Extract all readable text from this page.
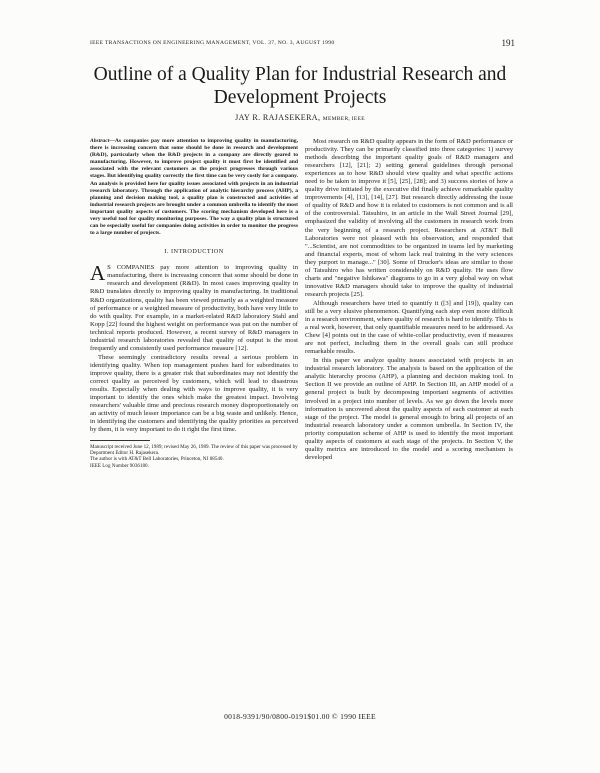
IEEE TRANSACTIONS ON ENGINEERING MANAGEMENT, VOL. 37, NO. 3, AUGUST 1990	191
Outline of a Quality Plan for Industrial Research and Development Projects
JAY R. RAJASEKERA, MEMBER, IEEE

Abstract—As companies pay more attention to improving quality in manufacturing, there is increasing concern that some should be done in research and development (R&D), particularly when the R&D projects in a company are directly geared to manufacturing. However, to improve project quality it must first be identified and associated with the relevant customers as the project progresses through various stages. But identifying quality correctly the first time can be very costly for a company. An analysis is provided here for quality issues associated with projects in an industrial research laboratory. Through the application of analytic hierarchy process (AHP), a planning and decision making tool, a quality plan is constructed and activities of industrial research projects are brought under a common umbrella to identify the most important quality aspects of customers. The scoring mechanism developed here is a very useful tool for quality monitoring purposes. The way a quality plan is structured can be especially useful for companies doing activities in order to monitor the progress to a large number of projects.

I. INTRODUCTION

A S COMPANIES pay more attention to improving quality in manufacturing, there is increasing concern that some should be done in research and development (R&D). In most cases improving quality in R&D translates directly to improving quality in manufacturing. In traditional R&D organizations, quality has been viewed primarily as a weighted measure of performance or a weighted measure of productivity, both have very little to do with quality. For example, in a market-related R&D laboratory Stahl and Kopp [22] found the highest weight on performance was put on the number of technical reports produced. However, a recent survey of R&D managers in industrial research laboratories revealed that quality of output is the most frequently and consistently used performance measure [12].

These seemingly contradictory results reveal a serious problem in identifying quality. When top management pushes hard for subordinates to improve quality, there is a greater risk that subordinates may not identify the correct quality as perceived by customers, which will lead to disastrous results. Especially when dealing with ways to improve quality, it is very important to identify the ones which make the greatest impact. Involving researchers' valuable time and precious research money disproportionately on an activity of much lesser importance can be a big waste and unlikely. Hence, in identifying the customers and identifying the quality priorities as perceived by them, it is very important to do it right the first time.

Manuscript received June 12, 1989; revised May 26, 1989. The review of this paper was processed by Department Editor H. Rajasekera.

The author is with AT&T Bell Laboratories, Princeton, NJ 08540.

IEEE Log Number 9036180.

Most research on R&D quality appears in the form of R&D performance or productivity. They can be primarily classified into three categories: 1) survey methods describing the important quality goals of R&D managers and researchers [12], [21]; 2) setting general guidelines through personal experiences as to how R&D should view quality and what specific actions need to be taken to improve it [5], [25], [28]; and 3) success stories of how a quality drive initiated by the executive did finally achieve remarkable quality improvements [4], [13], [14], [27]. But research directly addressing the issue of quality of R&D and how it is related to customers is not common and is all of the controversial. Tatsuhiro, in an article in the Wall Street Journal [29], emphasized the validity of involving all the customers in research work from the very beginning of a research project. Researchers at AT&T Bell Laboratories were not pleased with his observation, and responded that "...Scientist, are not commodities to be organized in teams led by marketing and financial experts, most of whom lack real training in the very sciences they purport to manage..." [30]. Some of Drucker's ideas are similar to those of Tatsuhiro who has written considerably on R&D quality. He uses flow charts and "negative Ishikawa" diagrams to go in a very global way on what innovative R&D managers should take to improve the quality of industrial research projects [25].

Although researchers have tried to quantify it ([3] and [19]), quality can still be a very elusive phenomenon. Quantifying each step even more difficult in a research environment, where quality of research is hard to identify. This is a real work, however, that only quantifiable measures need to be addressed. As Chew [4] points out in the case of white-collar productivity, even if measures are not perfect, including them in the overall goals can still produce remarkable results.

In this paper we analyze quality issues associated with projects in an industrial research laboratory. The analysis is based on the application of the analytic hierarchy process (AHP), a planning and decision making tool. In Section II we provide an outline of AHP. In Section III, an AHP model of a general project is built by decomposing important segments of activities involved in a project into number of levels. As we go down the levels more information is uncovered about the quality aspects of each customer at each stage of the project. The model is general enough to bring all projects of an industrial research laboratory under a common umbrella. In Section IV, the priority computation scheme of AHP is used to identify the most important quality aspects of customers at each stage of the projects. In Section V, the quality metrics are introduced to the model and a scoring mechanism is developed

0018-9391/90/0800-0191$01.00 © 1990 IEEE
